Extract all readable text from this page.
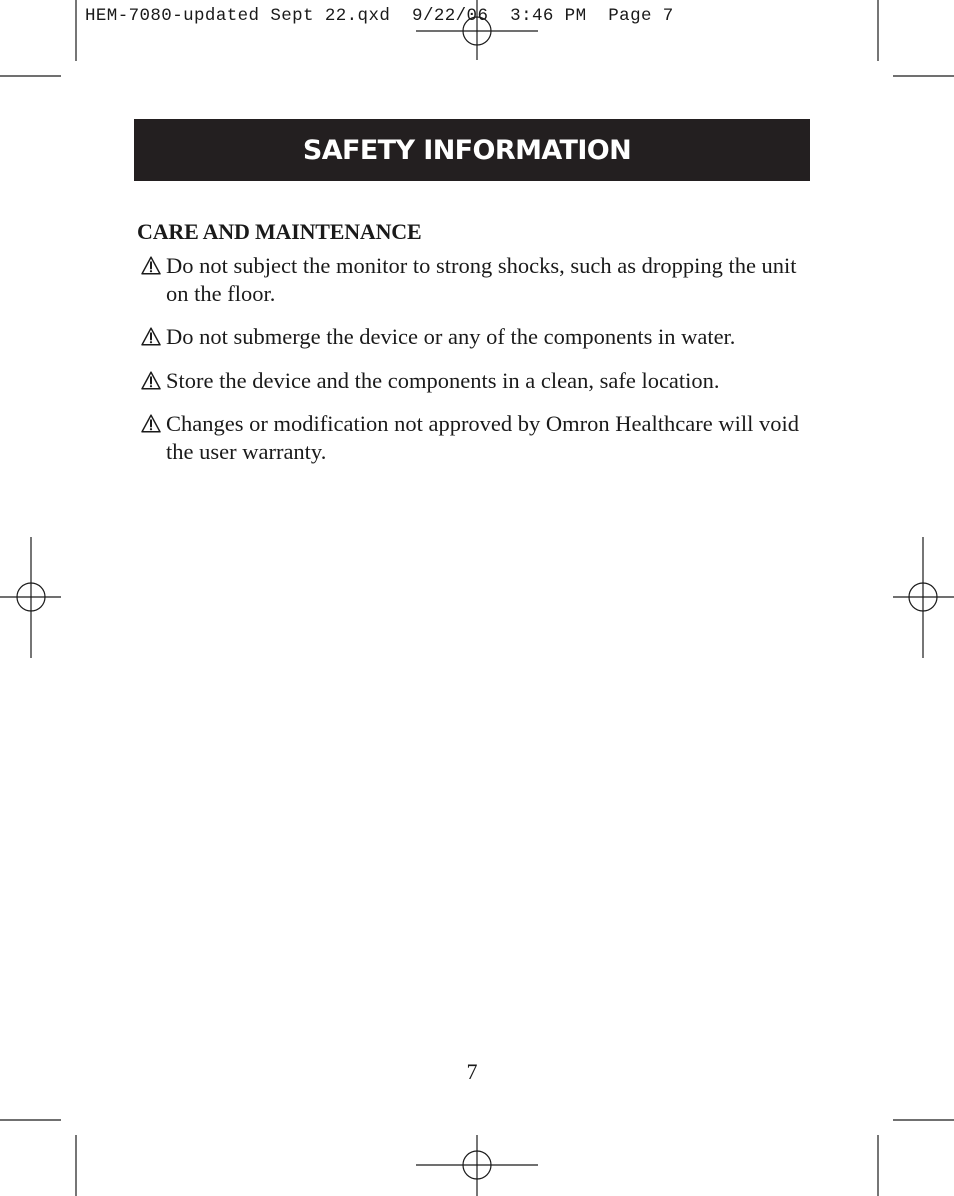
HEM-7080-updated Sept 22.qxd  9/22/06  3:46 PM  Page 7
SAFETY INFORMATION
CARE AND MAINTENANCE
Do not subject the monitor to strong shocks, such as dropping the unit on the floor.
Do not submerge the device or any of the components in water.
Store the device and the components in a clean, safe location.
Changes or modification not approved by Omron Healthcare will void the user warranty.
7
